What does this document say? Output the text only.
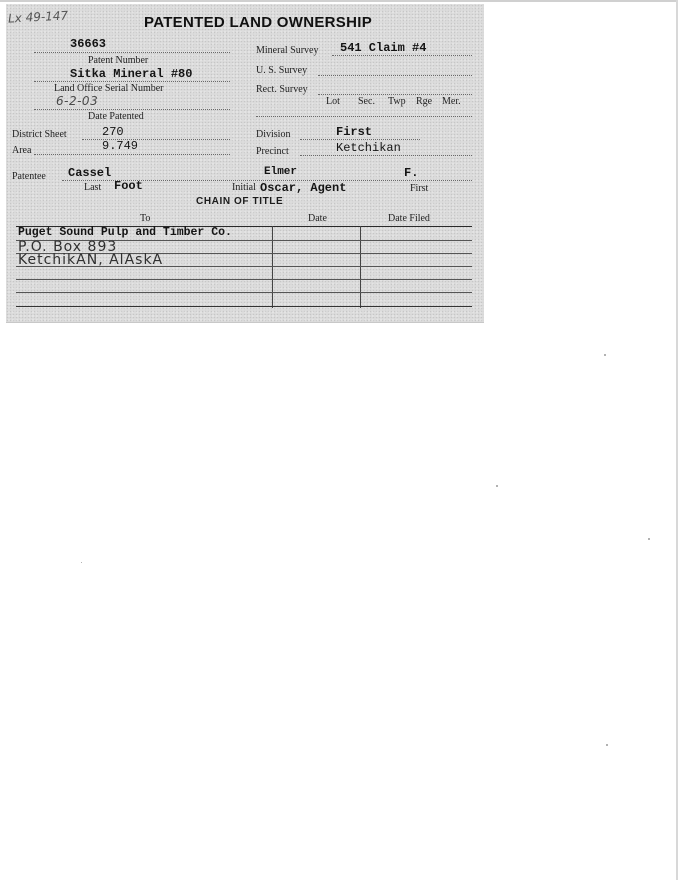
Lx 49-147	PATENTED LAND OWNERSHIP
36663
Patent Number
Sitka Mineral #80
Land Office Serial Number
6-2-03
Date Patented
District Sheet	270
Area	9.749
Mineral Survey 541 Claim #4
U. S. Survey
Rect. Survey
Lot Sec. Twp Rge Mer.
Division	First
Precinct	Ketchikan
Patentee Cassel	Elmer	F.
Last Foot	Initial Oscar, Agent	First
CHAIN OF TITLE
To	Date	Date Filed
Puget Sound Pulp and Timber Co.
P.O. Box 893
KetchikAN, AlAskA
